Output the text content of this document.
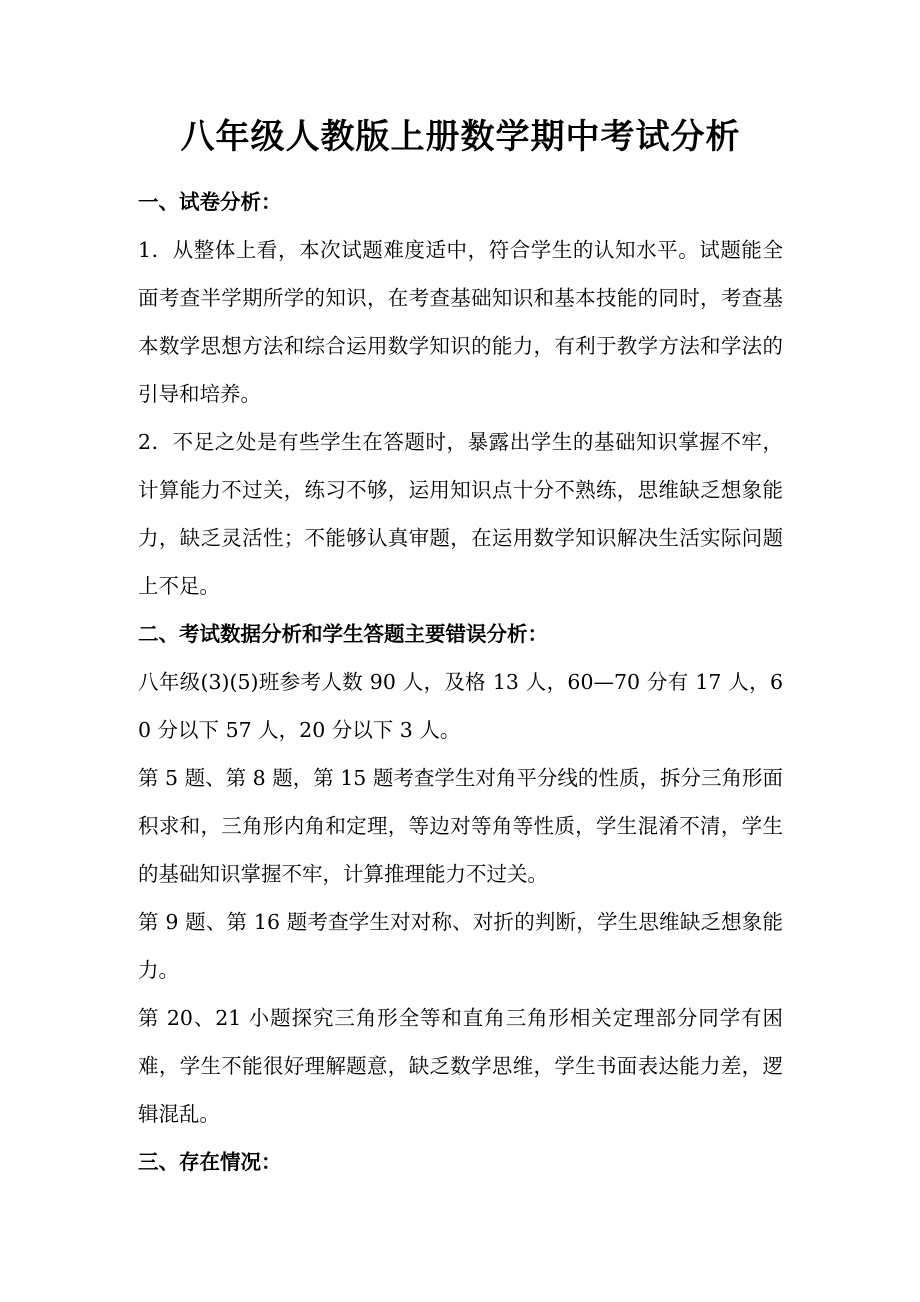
八年级人教版上册数学期中考试分析
一、试卷分析：

1．从整体上看，本次试题难度适中，符合学生的认知水平。试题能全面考查半学期所学的知识，在考查基础知识和基本技能的同时，考查基本数学思想方法和综合运用数学知识的能力，有利于教学方法和学法的引导和培养。

2．不足之处是有些学生在答题时，暴露出学生的基础知识掌握不牢，计算能力不过关，练习不够，运用知识点十分不熟练，思维缺乏想象能力，缺乏灵活性；不能够认真审题，在运用数学知识解决生活实际问题上不足。

二、考试数据分析和学生答题主要错误分析：

八年级(3)(5)班参考人数 90 人，及格 13 人，60—70 分有 17 人，60 分以下 57 人，20 分以下 3 人。

第 5 题、第 8 题，第 15 题考查学生对角平分线的性质，拆分三角形面积求和，三角形内角和定理，等边对等角等性质，学生混淆不清，学生的基础知识掌握不牢，计算推理能力不过关。

第 9 题、第 16 题考查学生对对称、对折的判断，学生思维缺乏想象能力。

第 20、21 小题探究三角形全等和直角三角形相关定理部分同学有困难，学生不能很好理解题意，缺乏数学思维，学生书面表达能力差，逻辑混乱。

三、存在情况：
